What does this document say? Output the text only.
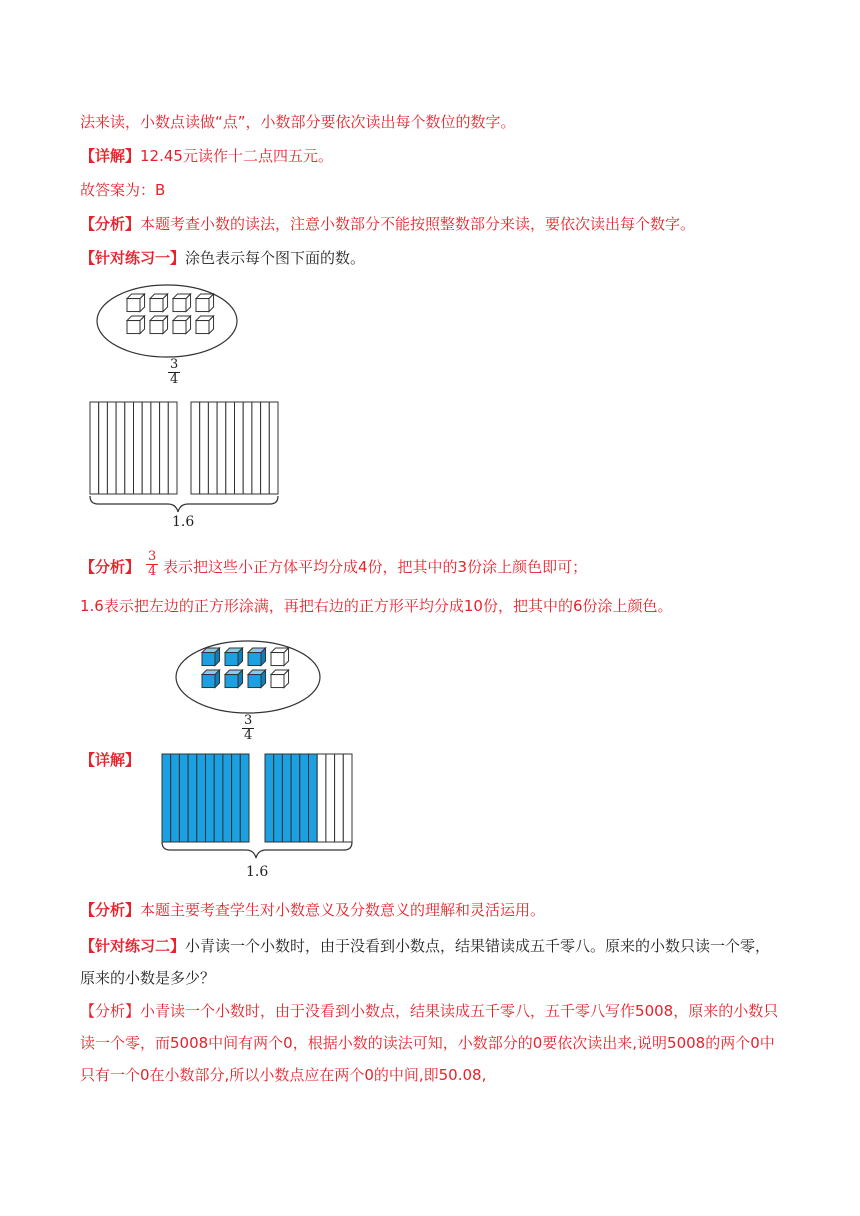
法来读，小数点读做“点”，小数部分要依次读出每个数位的数字。
【详解】12.45元读作十二点四五元。
故答案为：B
【分析】本题考查小数的读法，注意小数部分不能按照整数部分来读，要依次读出每个数字。
【针对练习一】涂色表示每个图下面的数。
$\frac{3}{4}$
1.6
【分析】 $\frac{3}{4}$ 表示把这些小正方体平均分成4份，把其中的3份涂上颜色即可；
1.6表示把左边的正方形涂满，再把右边的正方形平均分成10份，把其中的6份涂上颜色。
【详解】
$\frac{3}{4}$
1.6
【分析】本题主要考查学生对小数意义及分数意义的理解和灵活运用。
【针对练习二】小青读一个小数时，由于没看到小数点，结果错读成五千零八。原来的小数只读一个零，原来的小数是多少？
【分析】小青读一个小数时，由于没看到小数点，结果读成五千零八，五千零八写作5008，原来的小数只读一个零，而5008中间有两个0，根据小数的读法可知，小数部分的0要依次读出来,说明5008的两个0中只有一个0在小数部分,所以小数点应在两个0的中间,即50.08,
